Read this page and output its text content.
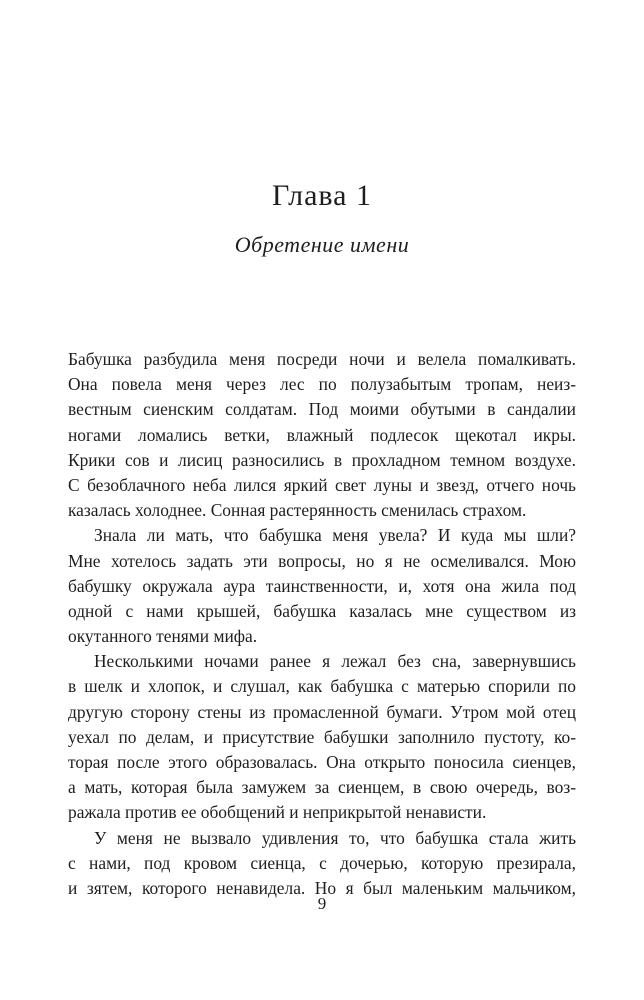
Глава 1
Обретение имени
Бабушка разбудила меня посреди ночи и велела помалкивать.
Она повела меня через лес по полузабытым тропам, неиз-
вестным сиенским солдатам. Под моими обутыми в сандалии
ногами ломались ветки, влажный подлесок щекотал икры.
Крики сов и лисиц разносились в прохладном темном воздухе.
С безоблачного неба лился яркий свет луны и звезд, отчего ночь
казалась холоднее. Сонная растерянность сменилась страхом.
Знала ли мать, что бабушка меня увела? И куда мы шли?
Мне хотелось задать эти вопросы, но я не осмеливался. Мою
бабушку окружала аура таинственности, и, хотя она жила под
одной с нами крышей, бабушка казалась мне существом из
окутанного тенями мифа.
Несколькими ночами ранее я лежал без сна, завернувшись
в шелк и хлопок, и слушал, как бабушка с матерью спорили по
другую сторону стены из промасленной бумаги. Утром мой отец
уехал по делам, и присутствие бабушки заполнило пустоту, ко-
торая после этого образовалась. Она открыто поносила сиенцев,
а мать, которая была замужем за сиенцем, в свою очередь, воз-
ражала против ее обобщений и неприкрытой ненависти.
У меня не вызвало удивления то, что бабушка стала жить
с нами, под кровом сиенца, с дочерью, которую презирала,
и зятем, которого ненавидела. Но я был маленьким мальчиком,
9
